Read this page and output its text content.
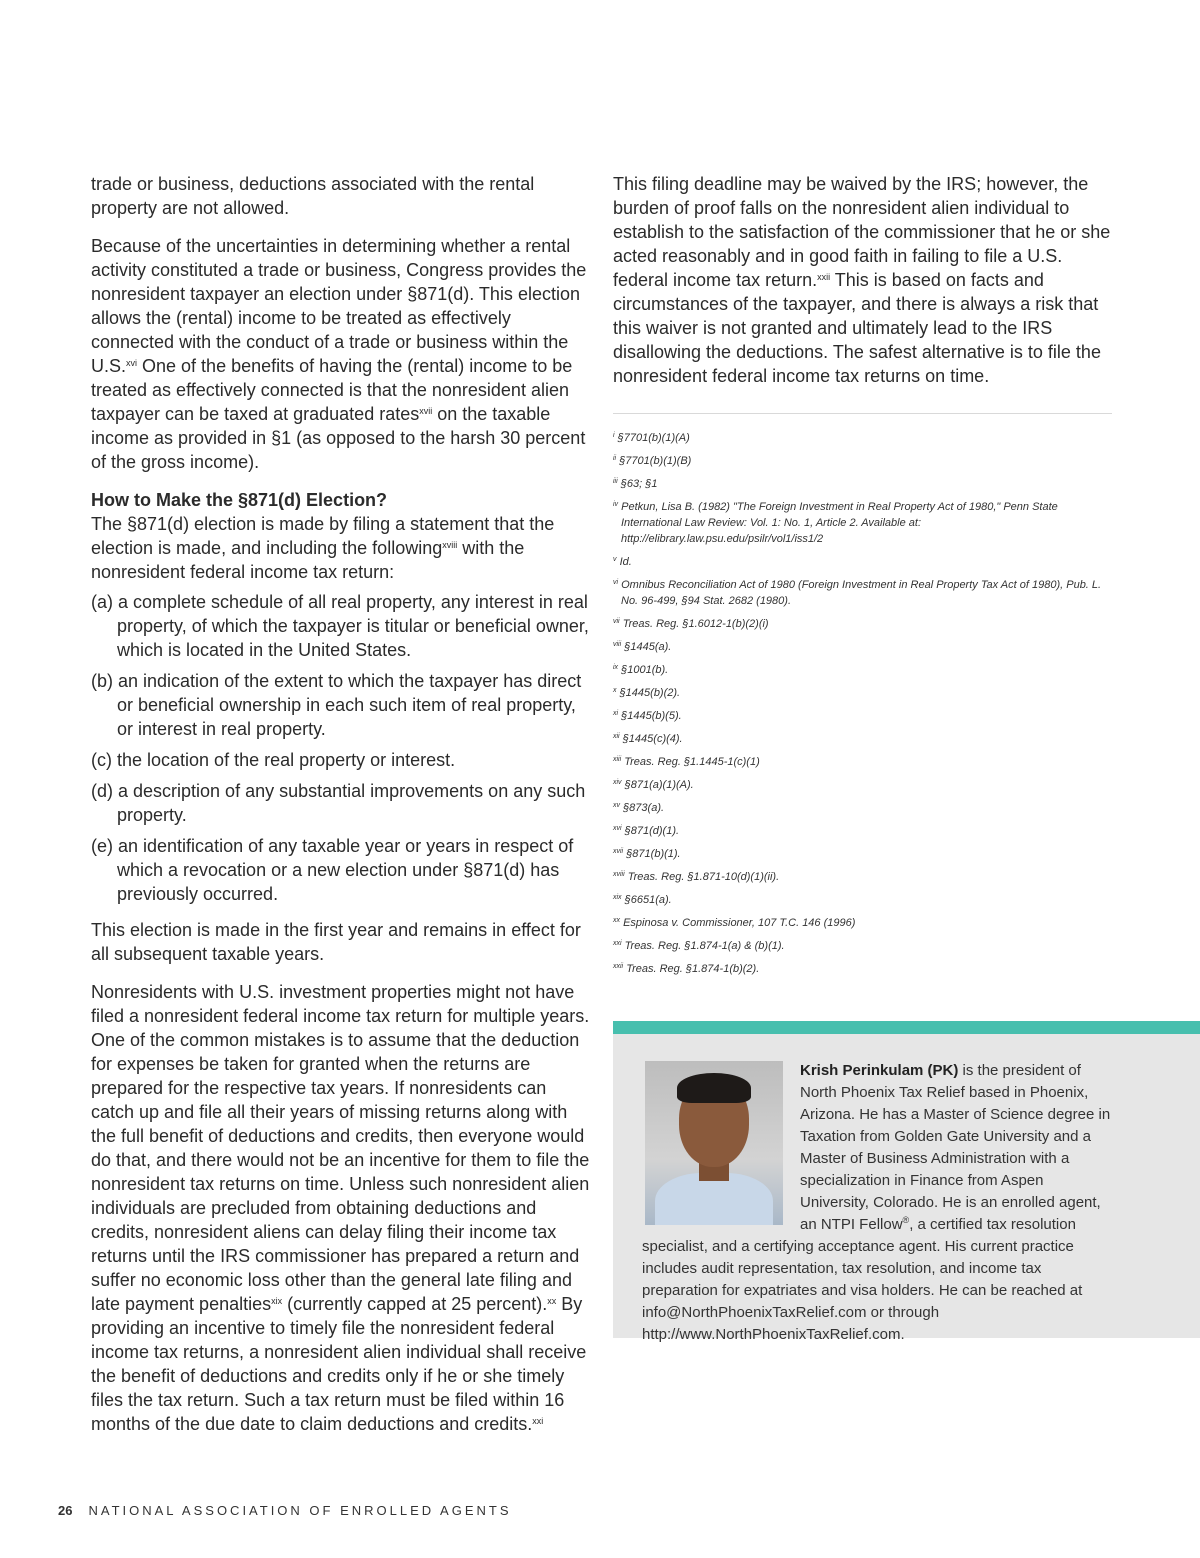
trade or business, deductions associated with the rental property are not allowed.

Because of the uncertainties in determining whether a rental activity constituted a trade or business, Congress provides the nonresident taxpayer an election under §871(d). This election allows the (rental) income to be treated as effectively connected with the conduct of a trade or business within the U.S.$^{xvi}$ One of the benefits of having the (rental) income to be treated as effectively connected is that the nonresident alien taxpayer can be taxed at graduated rates$^{xvii}$ on the taxable income as provided in §1 (as opposed to the harsh 30 percent of the gross income).

How to Make the §871(d) Election?

The §871(d) election is made by filing a statement that the election is made, and including the following$^{xviii}$ with the nonresident federal income tax return:

(a) a complete schedule of all real property, any interest in real property, of which the taxpayer is titular or beneficial owner, which is located in the United States.
(b) an indication of the extent to which the taxpayer has direct or beneficial ownership in each such item of real property, or interest in real property.
(c) the location of the real property or interest.
(d) a description of any substantial improvements on any such property.
(e) an identification of any taxable year or years in respect of which a revocation or a new election under §871(d) has previously occurred.

This election is made in the first year and remains in effect for all subsequent taxable years.

Nonresidents with U.S. investment properties might not have filed a nonresident federal income tax return for multiple years. One of the common mistakes is to assume that the deduction for expenses be taken for granted when the returns are prepared for the respective tax years. If nonresidents can catch up and file all their years of missing returns along with the full benefit of deductions and credits, then everyone would do that, and there would not be an incentive for them to file the nonresident tax returns on time. Unless such nonresident alien individuals are precluded from obtaining deductions and credits, nonresident aliens can delay filing their income tax returns until the IRS commissioner has prepared a return and suffer no economic loss other than the general late filing and late payment penalties$^{xix}$ (currently capped at 25 percent).$^{xx}$ By providing an incentive to timely file the nonresident federal income tax returns, a nonresident alien individual shall receive the benefit of deductions and credits only if he or she timely files the tax return. Such a tax return must be filed within 16 months of the due date to claim deductions and credits.$^{xxi}$

This filing deadline may be waived by the IRS; however, the burden of proof falls on the nonresident alien individual to establish to the satisfaction of the commissioner that he or she acted reasonably and in good faith in failing to file a U.S. federal income tax return.$^{xxii}$ This is based on facts and circumstances of the taxpayer, and there is always a risk that this waiver is not granted and ultimately lead to the IRS disallowing the deductions. The safest alternative is to file the nonresident federal income tax returns on time.

$^i$ §7701(b)(1)(A)
$^{ii}$ §7701(b)(1)(B)
$^{iii}$ §63; §1
$^{iv}$ Petkun, Lisa B. (1982) "The Foreign Investment in Real Property Act of 1980," Penn State International Law Review: Vol. 1: No. 1, Article 2. Available at: http://elibrary.law.psu.edu/psilr/vol1/iss1/2
$^v$ Id.
$^{vi}$ Omnibus Reconciliation Act of 1980 (Foreign Investment in Real Property Tax Act of 1980), Pub. L. No. 96-499, §94 Stat. 2682 (1980).
$^{vii}$ Treas. Reg. §1.6012-1(b)(2)(i)
$^{viii}$ §1445(a).
$^{ix}$ §1001(b).
$^x$ §1445(b)(2).
$^{xi}$ §1445(b)(5).
$^{xii}$ §1445(c)(4).
$^{xiii}$ Treas. Reg. §1.1445-1(c)(1)
$^{xiv}$ §871(a)(1)(A).
$^{xv}$ §873(a).
$^{xvi}$ §871(d)(1).
$^{xvii}$ §871(b)(1).
$^{xviii}$ Treas. Reg. §1.871-10(d)(1)(ii).
$^{xix}$ §6651(a).
$^{xx}$ Espinosa v. Commissioner, 107 T.C. 146 (1996)
$^{xxi}$ Treas. Reg. §1.874-1(a) & (b)(1).
$^{xxii}$ Treas. Reg. §1.874-1(b)(2).
Krish Perinkulam (PK) is the president of North Phoenix Tax Relief based in Phoenix, Arizona. He has a Master of Science degree in Taxation from Golden Gate University and a Master of Business Administration with a specialization in Finance from Aspen University, Colorado. He is an enrolled agent, an NTPI Fellow®, a certified tax resolution specialist, and a certifying acceptance agent. His current practice includes audit representation, tax resolution, and income tax preparation for expatriates and visa holders. He can be reached at info@NorthPhoenixTaxRelief.com or through http://www.NorthPhoenixTaxRelief.com.
26 NATIONAL ASSOCIATION OF ENROLLED AGENTS
